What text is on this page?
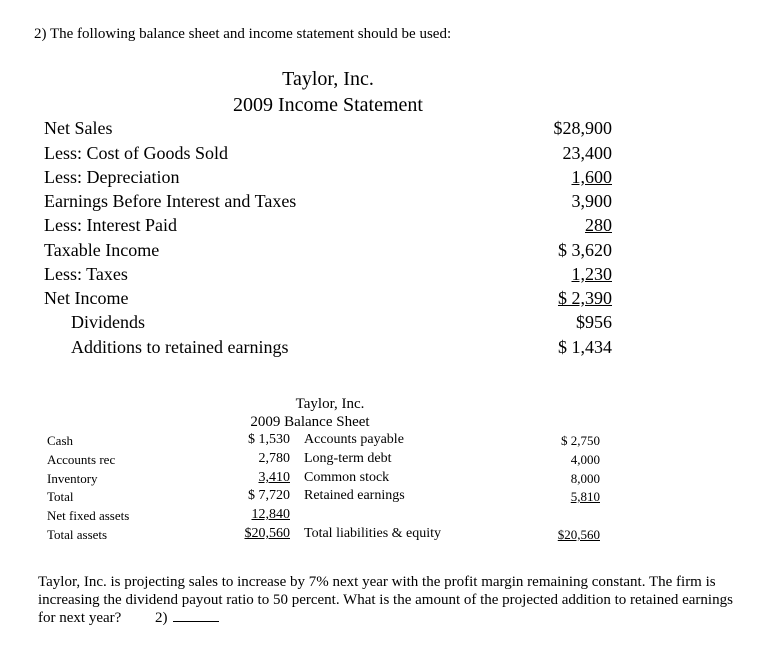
2) The following balance sheet and income statement should be used:
Taylor, Inc.
2009 Income Statement
Net Sales	$28,900
Less: Cost of Goods Sold	23,400
Less: Depreciation	1,600
Earnings Before Interest and Taxes	3,900
Less: Interest Paid	280
Taxable Income	$ 3,620
Less: Taxes	1,230
Net Income	$ 2,390
Dividends	$956
Additions to retained earnings	$ 1,434
Taylor, Inc.
2009 Balance Sheet
Cash	$ 1,530 Accounts payable	$ 2,750
Accounts rec	2,780 Long-term debt	4,000
Inventory	3,410 Common stock	8,000
Total	$ 7,720 Retained earnings	5,810
Net fixed assets	12,840
Total assets	$20,560 Total liabilities & equity	$20,560
Taylor, Inc. is projecting sales to increase by 7% next year with the profit margin remaining constant. The firm is increasing the dividend payout ratio to 50 percent. What is the amount of the projected addition to retained earnings for next year? 2)
